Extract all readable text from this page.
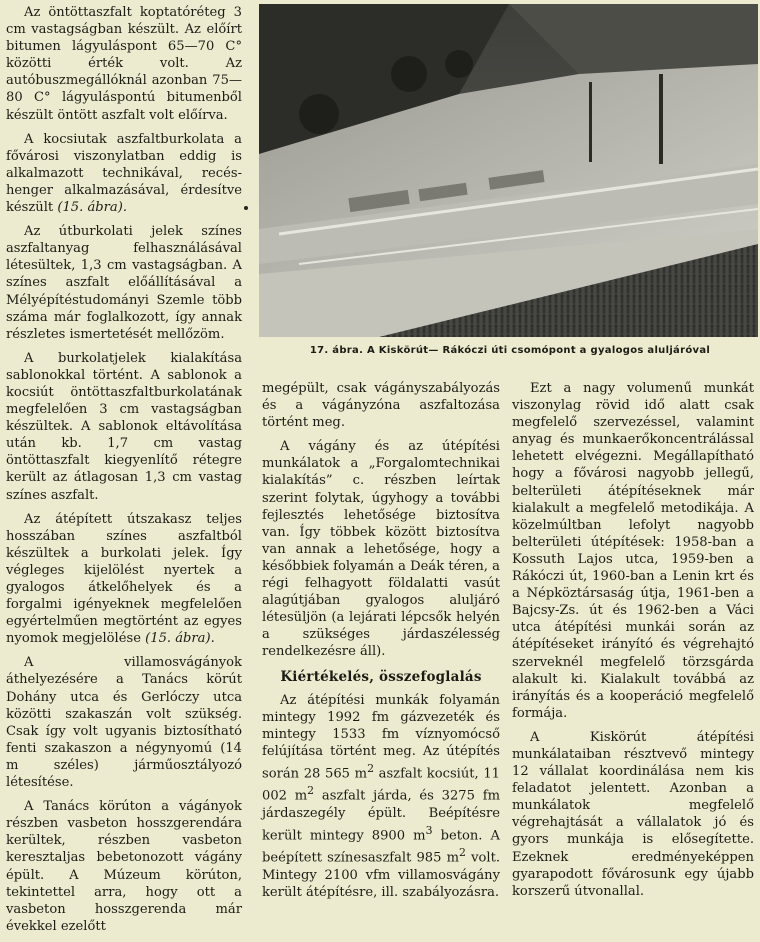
Az öntöttaszfalt koptatóréteg 3 cm vastagságban készült. Az előírt bitumen lágyuláspont 65—70 C° közötti érték volt. Az autóbuszmegállóknál azonban 75—80 C° lágyuláspontú bitumenből készült öntött aszfalt volt előírva.

A kocsiutak aszfaltburkolata a fővárosi viszonylatban eddig is alkalmazott technikával, recés-henger alkalmazásával, érdesítve készült (15. ábra).

Az útburkolati jelek színes aszfaltanyag felhasználásával létesültek, 1,3 cm vastagságban. A színes aszfalt előállításával a Mélyépítéstudományi Szemle több száma már foglalkozott, így annak részletes ismertetését mellőzöm.

A burkolatjelek kialakítása sablonokkal történt. A sablonok a kocsiút öntöttaszfaltburkolatának megfelelően 3 cm vastagságban készültek. A sablonok eltávolítása után kb. 1,7 cm vastag öntöttaszfalt kiegyenlítő rétegre került az átlagosan 1,3 cm vastag színes aszfalt.

Az átépített útszakasz teljes hosszában színes aszfaltból készültek a burkolati jelek. Így végleges kijelölést nyertek a gyalogos átkelőhelyek és a forgalmi igényeknek megfelelően egyértelműen megtörtént az egyes nyomok megjelölése (15. ábra).

A villamosvágányok áthelyezésére a Tanács körút Dohány utca és Gerlóczy utca közötti szakaszán volt szükség. Csak így volt ugyanis biztosítható fenti szakaszon a négynyomú (14 m széles) járműosztályozó létesítése.

A Tanács körúton a vágányok részben vasbeton hosszgerendára kerültek, részben vasbeton keresztaljas bebetonozott vágány épült. A Múzeum körúton, tekintettel arra, hogy ott a vasbeton hosszgerenda már évekkel ezelőtt

17. ábra. A Kiskörút— Rákóczi úti csomópont a gyalogos aluljáróval

megépült, csak vágányszabályozás és a vágányzóna aszfaltozása történt meg.

A vágány és az útépítési munkálatok a „Forgalomtechnikai kialakítás” c. részben leírtak szerint folytak, úgyhogy a további fejlesztés lehetősége biztosítva van. Így többek között biztosítva van annak a lehetősége, hogy a későbbiek folyamán a Deák téren, a régi felhagyott földalatti vasút alagútjában gyalogos aluljáró létesüljön (a lejárati lépcsők helyén a szükséges járdaszélesség rendelkezésre áll).

Kiértékelés, összefoglalás

Az átépítési munkák folyamán mintegy 1992 fm gázvezeték és mintegy 1533 fm víznyomócső felújítása történt meg. Az útépítés során 28 565 $m^2$ aszfalt kocsiút, 11 002 $m^2$ aszfalt járda, és 3275 fm járdaszegély épült. Beépítésre került mintegy 8900 $m^3$ beton. A beépített színesaszfalt 985 $m^2$ volt. Mintegy 2100 vfm villamosvágány került átépítésre, ill. szabályozásra.

Ezt a nagy volumenű munkát viszonylag rövid idő alatt csak megfelelő szervezéssel, valamint anyag és munkaerőkoncentrálással lehetett elvégezni. Megállapítható hogy a fővárosi nagyobb jellegű, belterületi átépítéseknek már kialakult a megfelelő metodikája. A közelmúltban lefolyt nagyobb belterületi útépítések: 1958-ban a Kossuth Lajos utca, 1959-ben a Rákóczi út, 1960-ban a Lenin krt és a Népköztársaság útja, 1961-ben a Bajcsy-Zs. út és 1962-ben a Váci utca átépítési munkái során az átépítéseket irányító és végrehajtó szerveknél megfelelő törzsgárda alakult ki. Kialakult továbbá az irányítás és a kooperáció megfelelő formája.

A Kiskörút átépítési munkálataiban résztvevő mintegy 12 vállalat koordinálása nem kis feladatot jelentett. Azonban a munkálatok megfelelő végrehajtását a vállalatok jó és gyors munkája is elősegítette. Ezeknek eredményeképpen gyarapodott fővárosunk egy újabb korszerű útvonallal.
